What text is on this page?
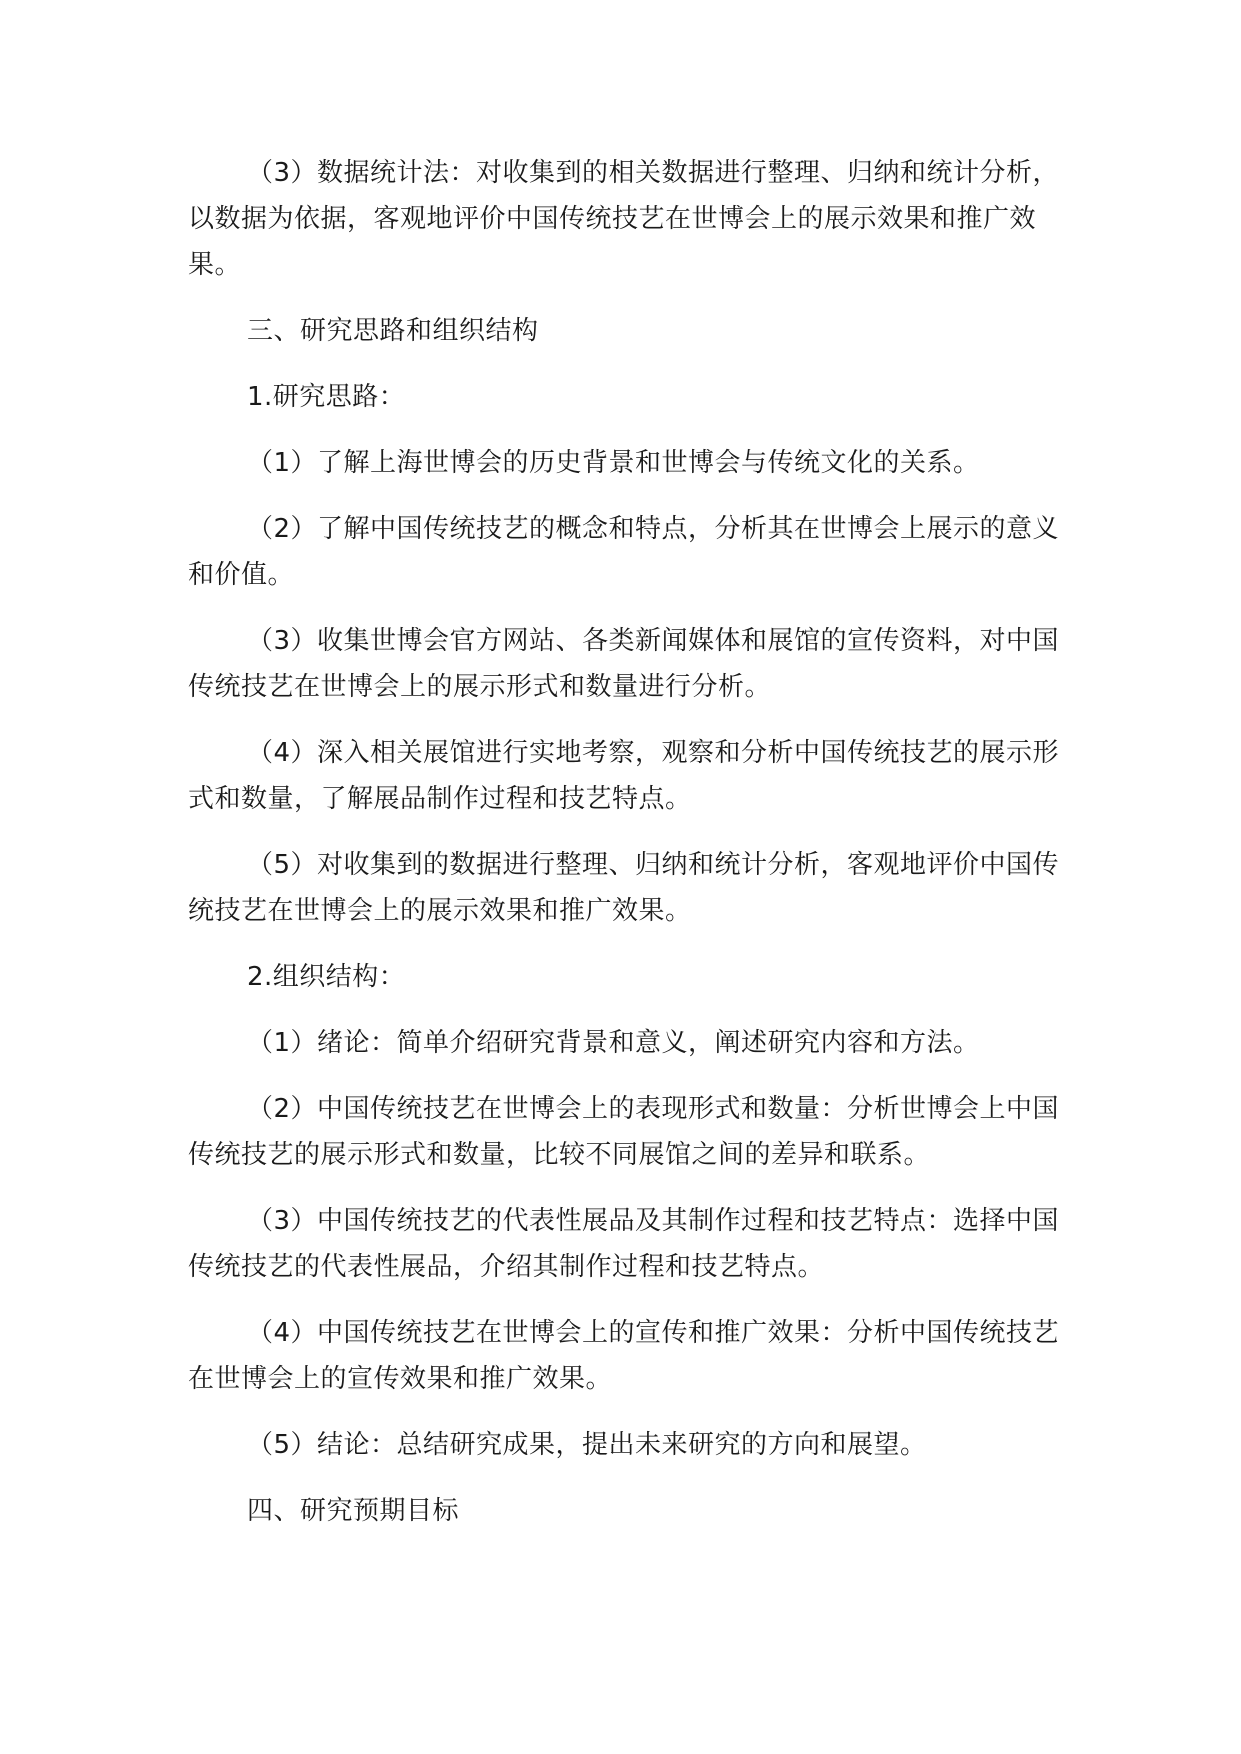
（3）数据统计法：对收集到的相关数据进行整理、归纳和统计分析，以数据为依据，客观地评价中国传统技艺在世博会上的展示效果和推广效果。

三、研究思路和组织结构

1.研究思路：

（1）了解上海世博会的历史背景和世博会与传统文化的关系。

（2）了解中国传统技艺的概念和特点，分析其在世博会上展示的意义和价值。

（3）收集世博会官方网站、各类新闻媒体和展馆的宣传资料，对中国传统技艺在世博会上的展示形式和数量进行分析。

（4）深入相关展馆进行实地考察，观察和分析中国传统技艺的展示形式和数量，了解展品制作过程和技艺特点。

（5）对收集到的数据进行整理、归纳和统计分析，客观地评价中国传统技艺在世博会上的展示效果和推广效果。

2.组织结构：

（1）绪论：简单介绍研究背景和意义，阐述研究内容和方法。

（2）中国传统技艺在世博会上的表现形式和数量：分析世博会上中国传统技艺的展示形式和数量，比较不同展馆之间的差异和联系。

（3）中国传统技艺的代表性展品及其制作过程和技艺特点：选择中国传统技艺的代表性展品，介绍其制作过程和技艺特点。

（4）中国传统技艺在世博会上的宣传和推广效果：分析中国传统技艺在世博会上的宣传效果和推广效果。

（5）结论：总结研究成果，提出未来研究的方向和展望。

四、研究预期目标
